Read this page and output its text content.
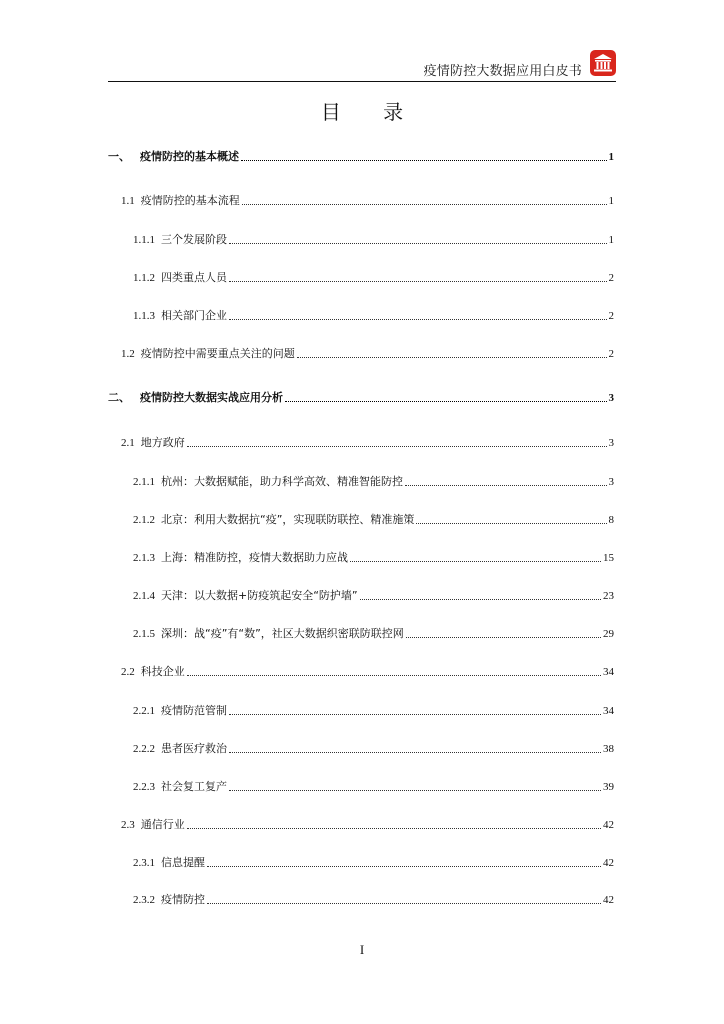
疫情防控大数据应用白皮书
目 录
一、 疫情防控的基本概述	1
1.1 疫情防控的基本流程	1
1.1.1 三个发展阶段	1
1.1.2 四类重点人员	2
1.1.3 相关部门企业	2
1.2 疫情防控中需要重点关注的问题	2
二、 疫情防控大数据实战应用分析	3
2.1 地方政府	3
2.1.1 杭州：大数据赋能，助力科学高效、精准智能防控	3
2.1.2 北京：利用大数据抗“疫”，实现联防联控、精准施策	8
2.1.3 上海：精准防控，疫情大数据助力应战	15
2.1.4 天津：以大数据+防疫筑起安全“防护墙”	23
2.1.5 深圳：战“疫”有“数”，社区大数据织密联防联控网	29
2.2 科技企业	34
2.2.1 疫情防范管制	34
2.2.2 患者医疗救治	38
2.2.3 社会复工复产	39
2.3 通信行业	42
2.3.1 信息提醒	42
2.3.2 疫情防控	42
I
